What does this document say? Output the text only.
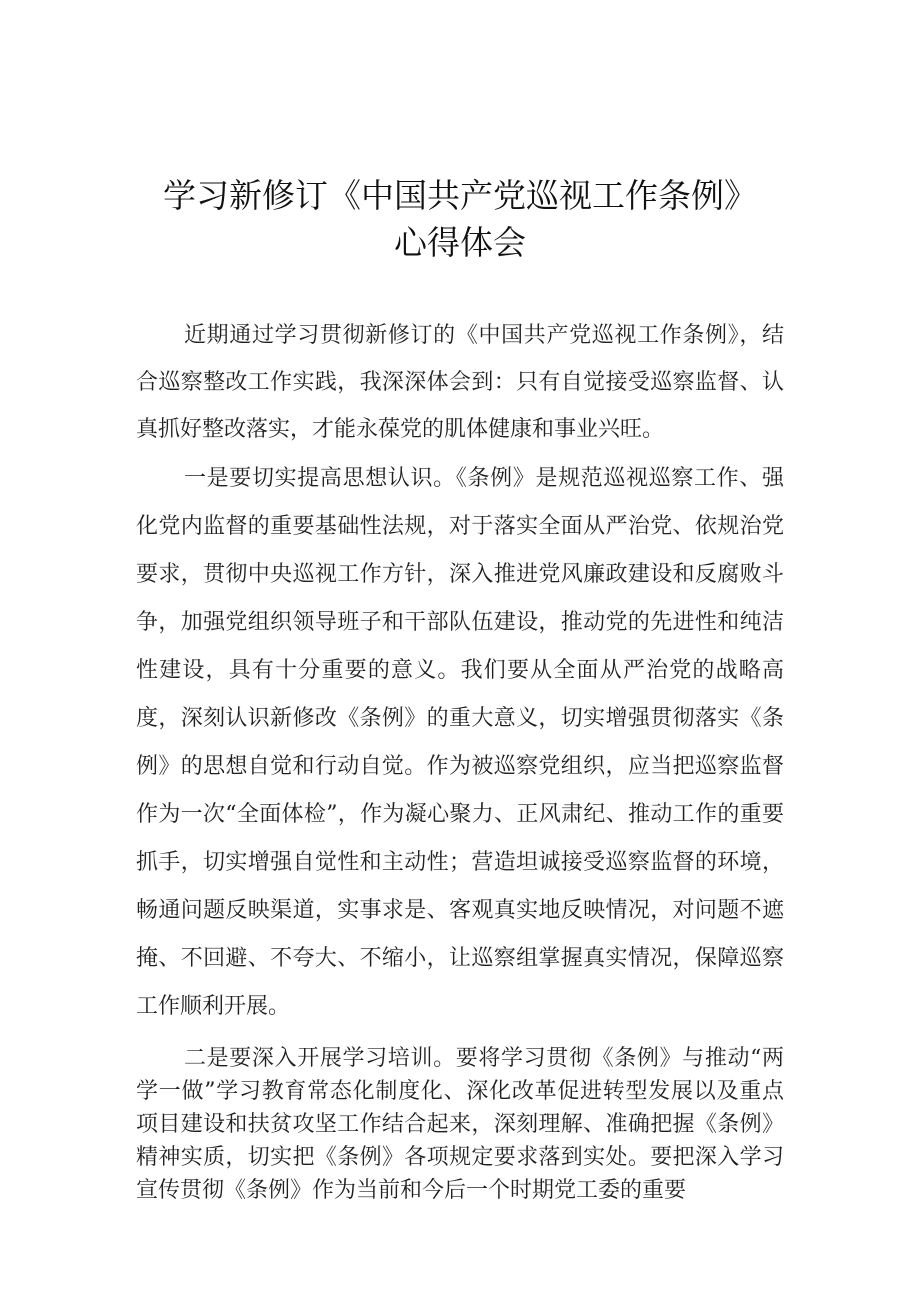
学习新修订《中国共产党巡视工作条例》
心得体会

近期通过学习贯彻新修订的《中国共产党巡视工作条例》，结合巡察整改工作实践，我深深体会到：只有自觉接受巡察监督、认真抓好整改落实，才能永葆党的肌体健康和事业兴旺。

一是要切实提高思想认识。《条例》是规范巡视巡察工作、强化党内监督的重要基础性法规，对于落实全面从严治党、依规治党要求，贯彻中央巡视工作方针，深入推进党风廉政建设和反腐败斗争，加强党组织领导班子和干部队伍建设，推动党的先进性和纯洁性建设，具有十分重要的意义。我们要从全面从严治党的战略高度，深刻认识新修改《条例》的重大意义，切实增强贯彻落实《条例》的思想自觉和行动自觉。作为被巡察党组织，应当把巡察监督作为一次“全面体检”，作为凝心聚力、正风肃纪、推动工作的重要抓手，切实增强自觉性和主动性；营造坦诚接受巡察监督的环境，畅通问题反映渠道，实事求是、客观真实地反映情况，对问题不遮掩、不回避、不夸大、不缩小，让巡察组掌握真实情况，保障巡察工作顺利开展。

二是要深入开展学习培训。要将学习贯彻《条例》与推动“两学一做”学习教育常态化制度化、深化改革促进转型发展以及重点项目建设和扶贫攻坚工作结合起来，深刻理解、准确把握《条例》精神实质，切实把《条例》各项规定要求落到实处。要把深入学习宣传贯彻《条例》作为当前和今后一个时期党工委的重要
